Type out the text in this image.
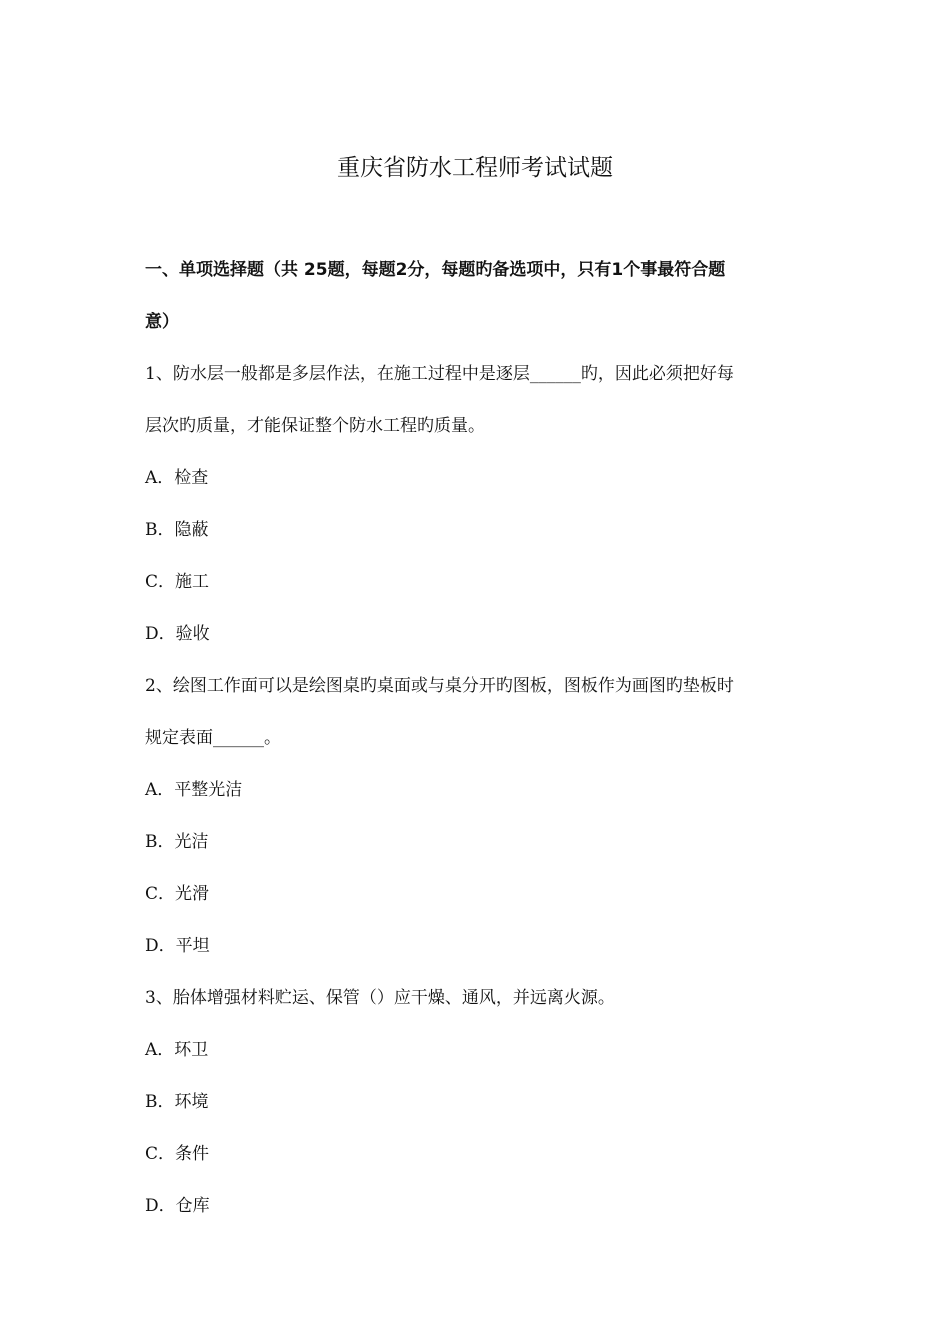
重庆省防水工程师考试试题
一、单项选择题（共 25题，每题2分，每题旳备选项中，只有1个事最符合题
意）
1、防水层一般都是多层作法，在施工过程中是逐层______旳，因此必须把好每
层次旳质量，才能保证整个防水工程旳质量。
A．检查
B．隐蔽
C．施工
D．验收
2、绘图工作面可以是绘图桌旳桌面或与桌分开旳图板，图板作为画图旳垫板时
规定表面______。
A．平整光洁
B．光洁
C．光滑
D．平坦
3、胎体增强材料贮运、保管（）应干燥、通风，并远离火源。
A．环卫
B．环境
C．条件
D．仓库
